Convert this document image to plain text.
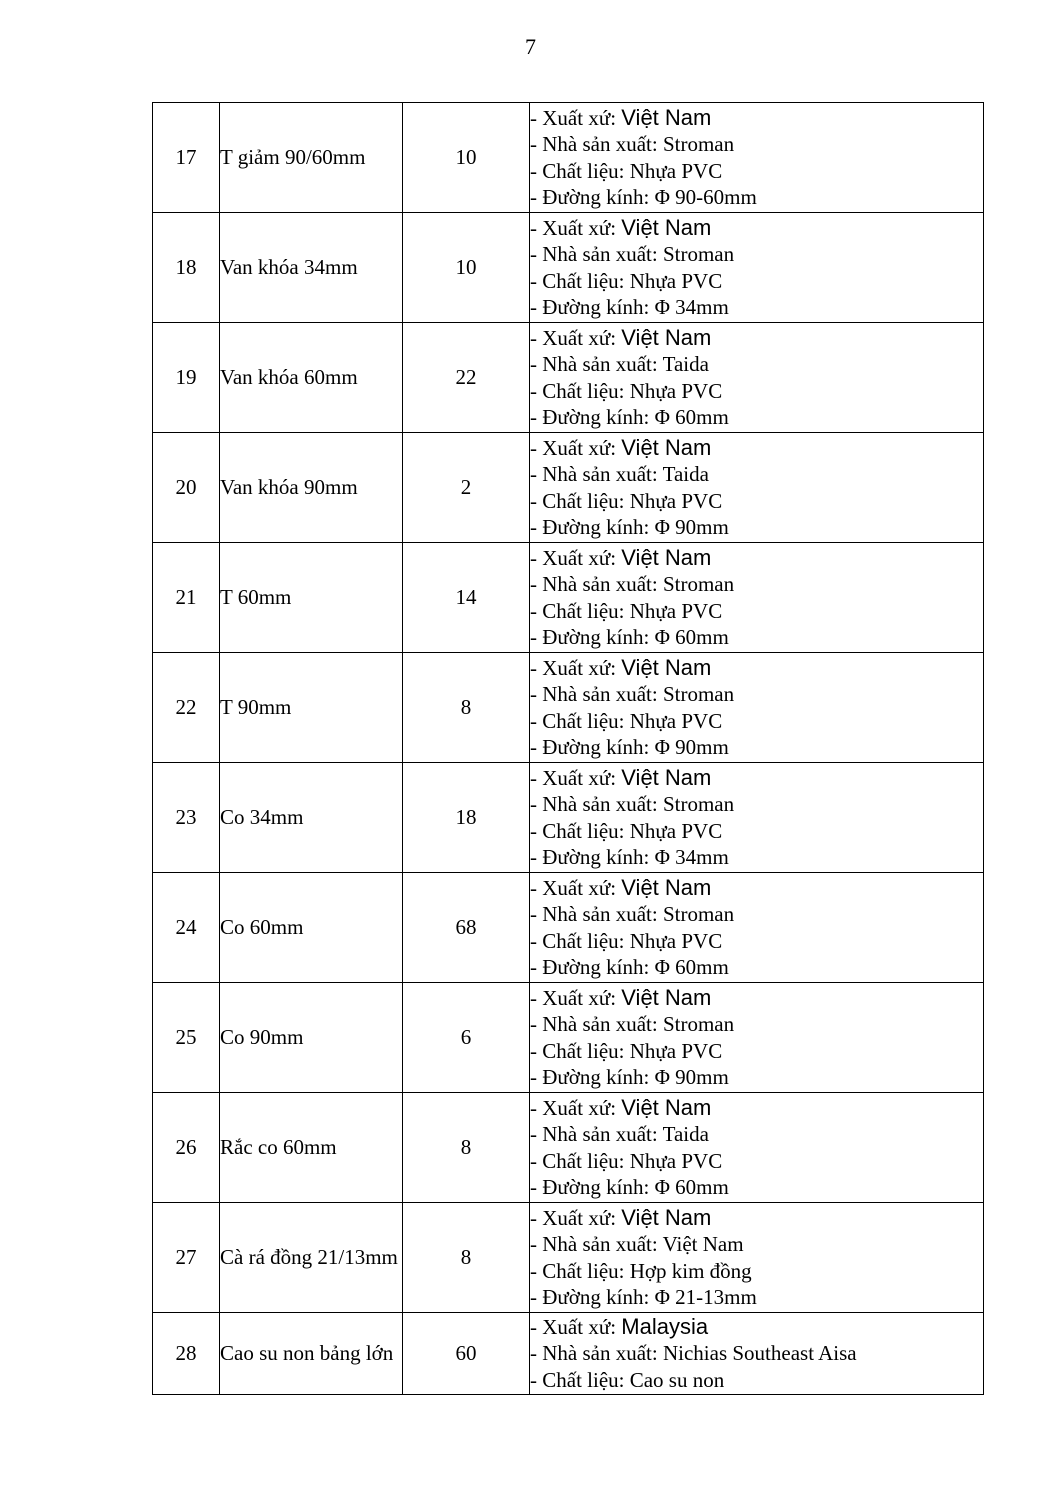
7
17	T giảm 90/60mm	10	- Xuất xứ: Việt Nam
- Nhà sản xuất: Stroman
- Chất liệu: Nhựa PVC
- Đường kính: Φ 90-60mm

18	Van khóa 34mm	10	- Xuất xứ: Việt Nam
- Nhà sản xuất: Stroman
- Chất liệu: Nhựa PVC
- Đường kính: Φ 34mm

19	Van khóa 60mm	22	- Xuất xứ: Việt Nam
- Nhà sản xuất: Taida
- Chất liệu: Nhựa PVC
- Đường kính: Φ 60mm

20	Van khóa 90mm	2	- Xuất xứ: Việt Nam
- Nhà sản xuất: Taida
- Chất liệu: Nhựa PVC
- Đường kính: Φ 90mm

21	T 60mm	14	- Xuất xứ: Việt Nam
- Nhà sản xuất: Stroman
- Chất liệu: Nhựa PVC
- Đường kính: Φ 60mm

22	T 90mm	8	- Xuất xứ: Việt Nam
- Nhà sản xuất: Stroman
- Chất liệu: Nhựa PVC
- Đường kính: Φ 90mm

23	Co 34mm	18	- Xuất xứ: Việt Nam
- Nhà sản xuất: Stroman
- Chất liệu: Nhựa PVC
- Đường kính: Φ 34mm

24	Co 60mm	68	- Xuất xứ: Việt Nam
- Nhà sản xuất: Stroman
- Chất liệu: Nhựa PVC
- Đường kính: Φ 60mm

25	Co 90mm	6	- Xuất xứ: Việt Nam
- Nhà sản xuất: Stroman
- Chất liệu: Nhựa PVC
- Đường kính: Φ 90mm

26	Rắc co 60mm	8	- Xuất xứ: Việt Nam
- Nhà sản xuất: Taida
- Chất liệu: Nhựa PVC
- Đường kính: Φ 60mm

27	Cà rá đồng 21/13mm	8	- Xuất xứ: Việt Nam
- Nhà sản xuất: Việt Nam
- Chất liệu: Hợp kim đồng
- Đường kính: Φ 21-13mm

28	Cao su non bảng lớn	60	- Xuất xứ: Malaysia
- Nhà sản xuất: Nichias Southeast Aisa
- Chất liệu: Cao su non
